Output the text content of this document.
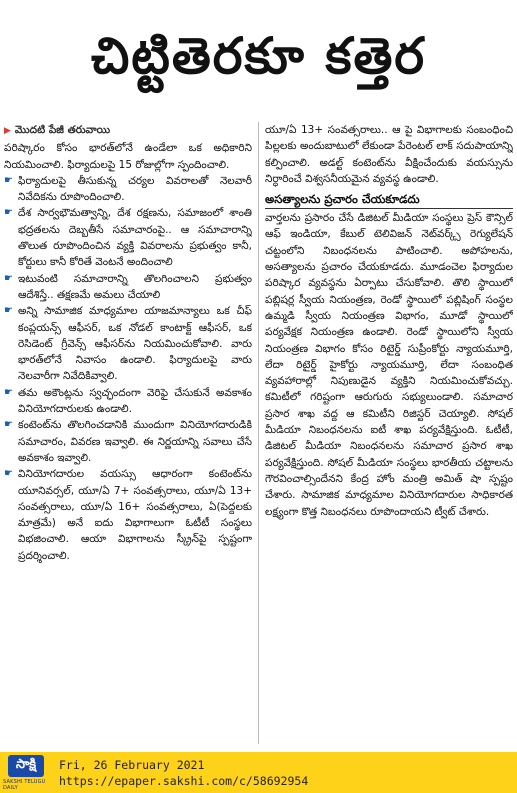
చిట్టితెరకూ కత్తెర
▶ మొదటి పేజీ తరువాయి
పరిష్కారం కోసం భారత్‌లోనే ఉండేలా ఒక అధికారిని నియమించాలి. ఫిర్యాదులపై 15 రోజుల్లోగా స్పందించాలి.
☛ ఫిర్యాదులపై తీసుకున్న చర్యల వివరాలతో నెలవారీ నివేదికను రూపొందించాలి.
☛ దేశ సార్వభౌమత్వాన్ని, దేశ రక్షణను, సమాజంలో శాంతి భద్రతలను దెబ్బతీసే సమాచారంపై.. ఆ సమాచారాన్ని తొలుత రూపొందించిన వ్యక్తి వివరాలను ప్రభుత్వం కానీ, కోర్టులు కానీ కోరితే వెంటనే అందించాలి
☛ ఇటువంటి సమాచారాన్ని తొలగించాలని ప్రభుత్వం ఆదేశిస్తే.. తక్షణమే అమలు చేయాలి
☛ అన్ని సామాజిక మాధ్యమాల యాజమాన్యాలు ఒక చీఫ్ కంప్లయన్స్ ఆఫీసర్, ఒక నోడల్ కాంటాక్ట్ ఆఫీసర్, ఒక రెసిడెంట్ గ్రీవెన్స్ ఆఫీసర్‌ను నియమించుకోవాలి. వారు భారత్‌లోనే నివాసం ఉండాలి. ఫిర్యాదులపై వారు నెలవారీగా నివేదికివ్వాలి.
☛ తమ అకౌంట్లను స్వచ్ఛందంగా వెరిఫై చేసుకునే అవకాశం వినియోగదారులకు ఉండాలి.
☛ కంటెంట్‌ను తొలగించడానికి ముందుగా వినియోగదారుడికి సమాచారం, వివరణ ఇవ్వాలి. ఈ నిర్ణయాన్ని సవాలు చేసే అవకాశం ఇవ్వాలి.
☛ వినియోగదారుల వయస్సు ఆధారంగా కంటెంట్‌ను యూనివర్సల్, యూ/ఏ 7+ సంవత్సరాలు, యూ/ఏ 13+ సంవత్సరాలు, యూ/ఏ 16+ సంవత్సరాలు, ఏ(పెద్దలకు మాత్రమే) అనే ఐదు విభాగాలుగా ఓటీటీ సంస్థలు విభజించాలి. ఆయా విభాగాలను స్క్రీన్‌పై స్పష్టంగా ప్రదర్శించాలి.
యూ/ఏ 13+ సంవత్సరాలు.. ఆ పై విభాగాలకు సంబంధించి పిల్లలకు అందుబాటులో లేకుండా పేరెంటల్ లాక్ సదుపాయాన్ని కల్పించాలి. అడల్ట్ కంటెంట్‌ను వీక్షించేందుకు వయస్సును నిర్ధారించే విశ్వసనీయమైన వ్యవస్థ ఉండాలి.
అసత్యాలను ప్రచారం చేయకూడదు
వార్తలను ప్రసారం చేసే డిజిటల్ మీడియా సంస్థలు ప్రెస్ కౌన్సిల్ ఆఫ్ ఇండియా, కేబుల్ టెలివిజన్ నెట్‌వర్క్స్ రెగ్యులేషన్ చట్టంలోని నిబంధనలను పాటించాలి. అపోహలను, అసత్యాలను ప్రచారం చేయకూడదు. మూడంచెల ఫిర్యాదుల పరిష్కార వ్యవస్థను ఏర్పాటు చేసుకోవాలి. తొలి స్థాయిలో పబ్లిషర్ల స్వీయ నియంత్రణ, రెండో స్థాయిలో పబ్లిషింగ్ సంస్థల ఉమ్మడి స్వీయ నియంత్రణ విభాగం, మూడో స్థాయిలో పర్యవేక్షక నియంత్రణ ఉండాలి. రెండో స్థాయిలోని స్వీయ నియంత్రణ విభాగం కోసం రిటైర్డ్ సుప్రీంకోర్టు న్యాయమూర్తి, లేదా రిటైర్డ్ హైకోర్టు న్యాయమూర్తి, లేదా సంబంధిత వ్యవహారాల్లో నిపుణుడైన వ్యక్తిని నియమించుకోవచ్చు. కమిటీలో గరిష్టంగా ఆరుగురు సభ్యులుండాలి. సమాచార ప్రసార శాఖ వద్ద ఆ కమిటీని రిజిస్టర్ చెయ్యాలి. సోషల్ మీడియా నిబంధనలను ఐటీ శాఖ పర్యవేక్షిస్తుంది. ఓటీటీ, డిజిటల్ మీడియా నిబంధనలను సమాచార ప్రసార శాఖ పర్యవేక్షిస్తుంది. సోషల్ మీడియా సంస్థలు భారతీయ చట్టాలను గౌరవించాల్సిందేనని కేంద్ర హోం మంత్రి అమిత్ షా స్పష్టం చేశారు. సామాజిక మాధ్యమాల వినియోగదారుల సాధికారత లక్ష్యంగా కొత్త నిబంధనలు రూపొందాయని ట్వీట్ చేశారు.
సాక్షి
SAKSHI TELUGU DAILY
Fri, 26 February 2021
https://epaper.sakshi.com/c/58692954
